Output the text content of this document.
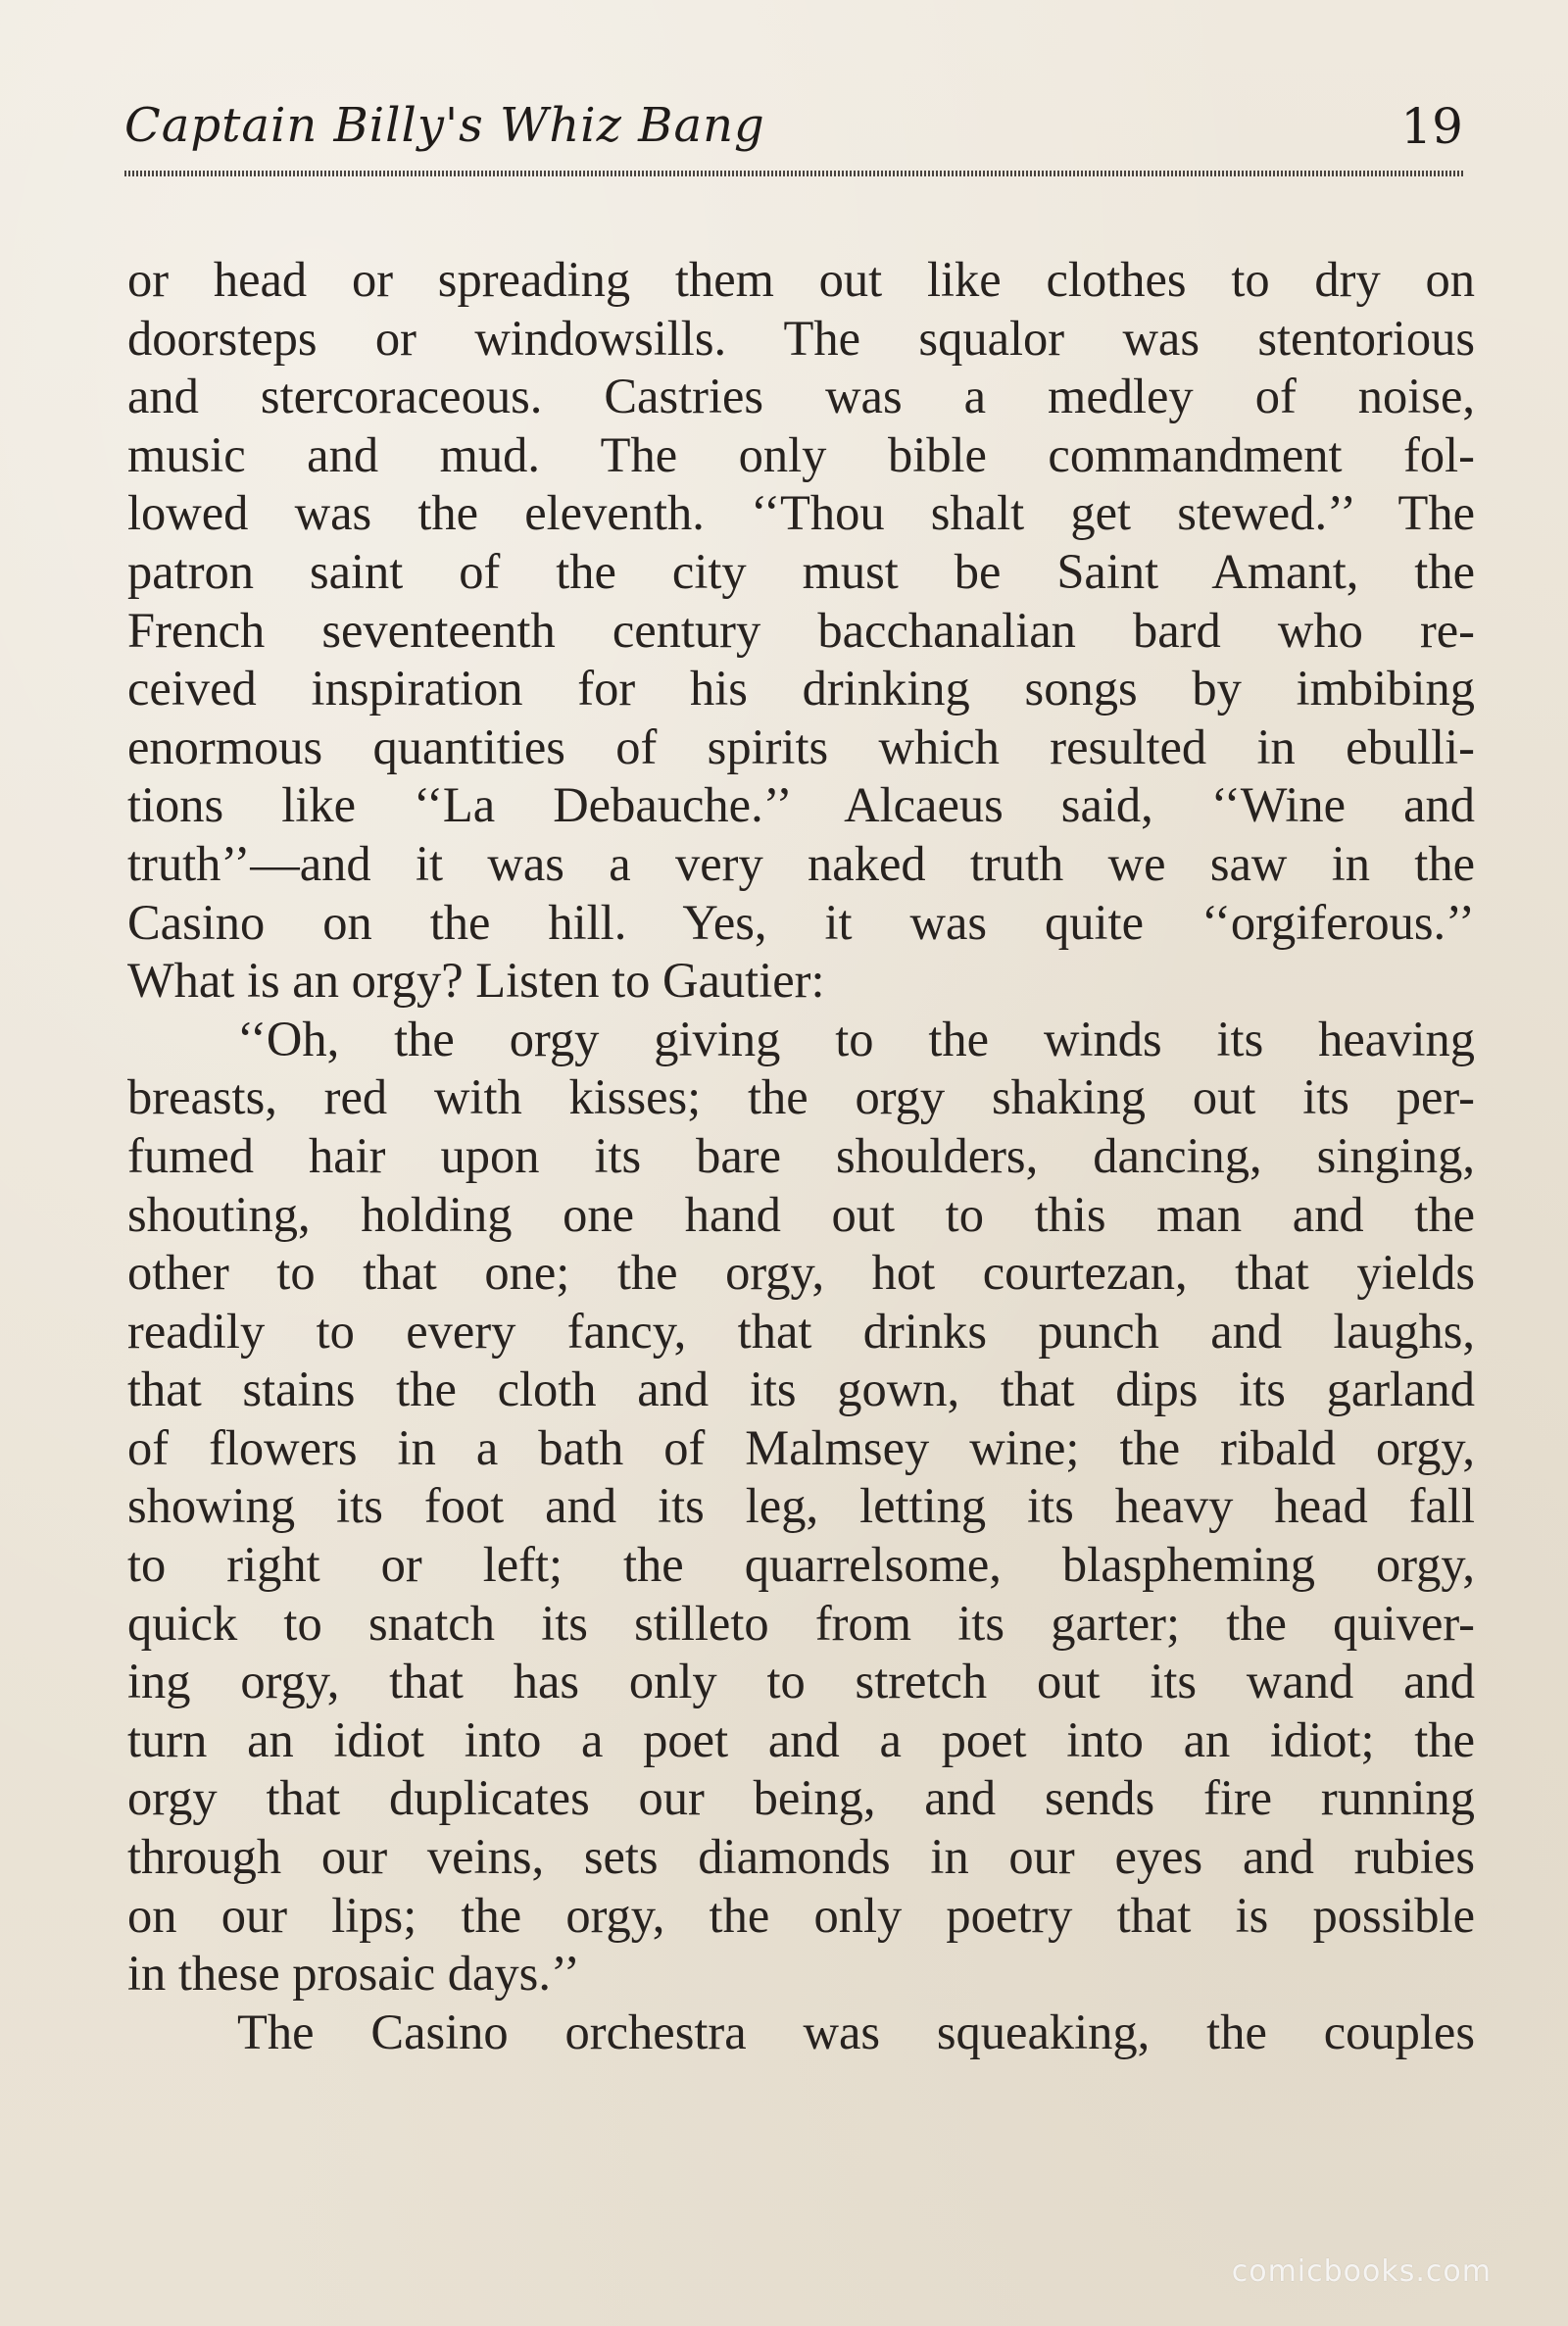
Captain Billy's Whiz Bang	19
or head or spreading them out like clothes to dry on
doorsteps or windowsills. The squalor was stentorious
and stercoraceous. Castries was a medley of noise,
music and mud. The only bible commandment fol-
lowed was the eleventh. ‘‘Thou shalt get stewed.’’ The
patron saint of the city must be Saint Amant, the
French seventeenth century bacchanalian bard who re-
ceived inspiration for his drinking songs by imbibing
enormous quantities of spirits which resulted in ebulli-
tions like ‘‘La Debauche.’’ Alcaeus said, ‘‘Wine and
truth’’—and it was a very naked truth we saw in the
Casino on the hill. Yes, it was quite ‘‘orgiferous.’’
What is an orgy? Listen to Gautier:
‘‘Oh, the orgy giving to the winds its heaving
breasts, red with kisses; the orgy shaking out its per-
fumed hair upon its bare shoulders, dancing, singing,
shouting, holding one hand out to this man and the
other to that one; the orgy, hot courtezan, that yields
readily to every fancy, that drinks punch and laughs,
that stains the cloth and its gown, that dips its garland
of flowers in a bath of Malmsey wine; the ribald orgy,
showing its foot and its leg, letting its heavy head fall
to right or left; the quarrelsome, blaspheming orgy,
quick to snatch its stilleto from its garter; the quiver-
ing orgy, that has only to stretch out its wand and
turn an idiot into a poet and a poet into an idiot; the
orgy that duplicates our being, and sends fire running
through our veins, sets diamonds in our eyes and rubies
on our lips; the orgy, the only poetry that is possible
in these prosaic days.’’
The Casino orchestra was squeaking, the couples
comicbooks.com
